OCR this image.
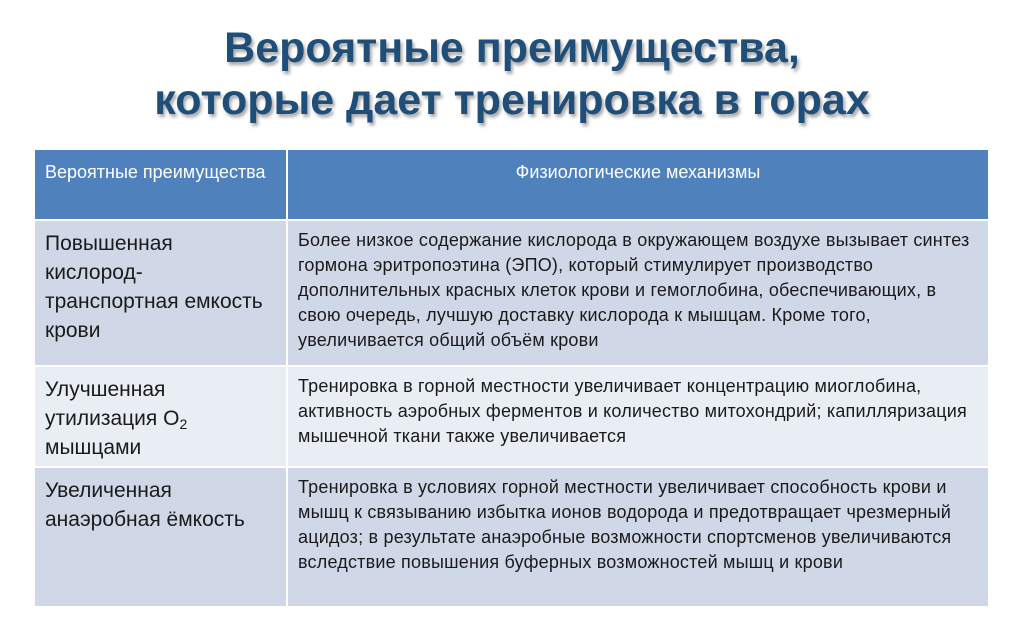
Вероятные преимущества,
которые дает тренировка в горах
Вероятные преимущества	Физиологические механизмы
Повышенная кислород-транспортная емкость крови	Более низкое содержание кислорода в окружающем воздухе вызывает синтез гормона эритропоэтина (ЭПО), который стимулирует производство дополнительных красных клеток крови и гемоглобина, обеспечивающих, в свою очередь, лучшую доставку кислорода к мышцам. Кроме того, увеличивается общий объём крови
Улучшенная утилизация $О_2$ мышцами	Тренировка в горной местности увеличивает концентрацию миоглобина, активность аэробных ферментов и количество митохондрий; капилляризация мышечной ткани также увеличивается
Увеличенная анаэробная ёмкость	Тренировка в условиях горной местности увеличивает способность крови и мышц к связыванию избытка ионов водорода и предотвращает чрезмерный ацидоз; в результате анаэробные возможности спортсменов увеличиваются вследствие повышения буферных возможностей мышц и крови
